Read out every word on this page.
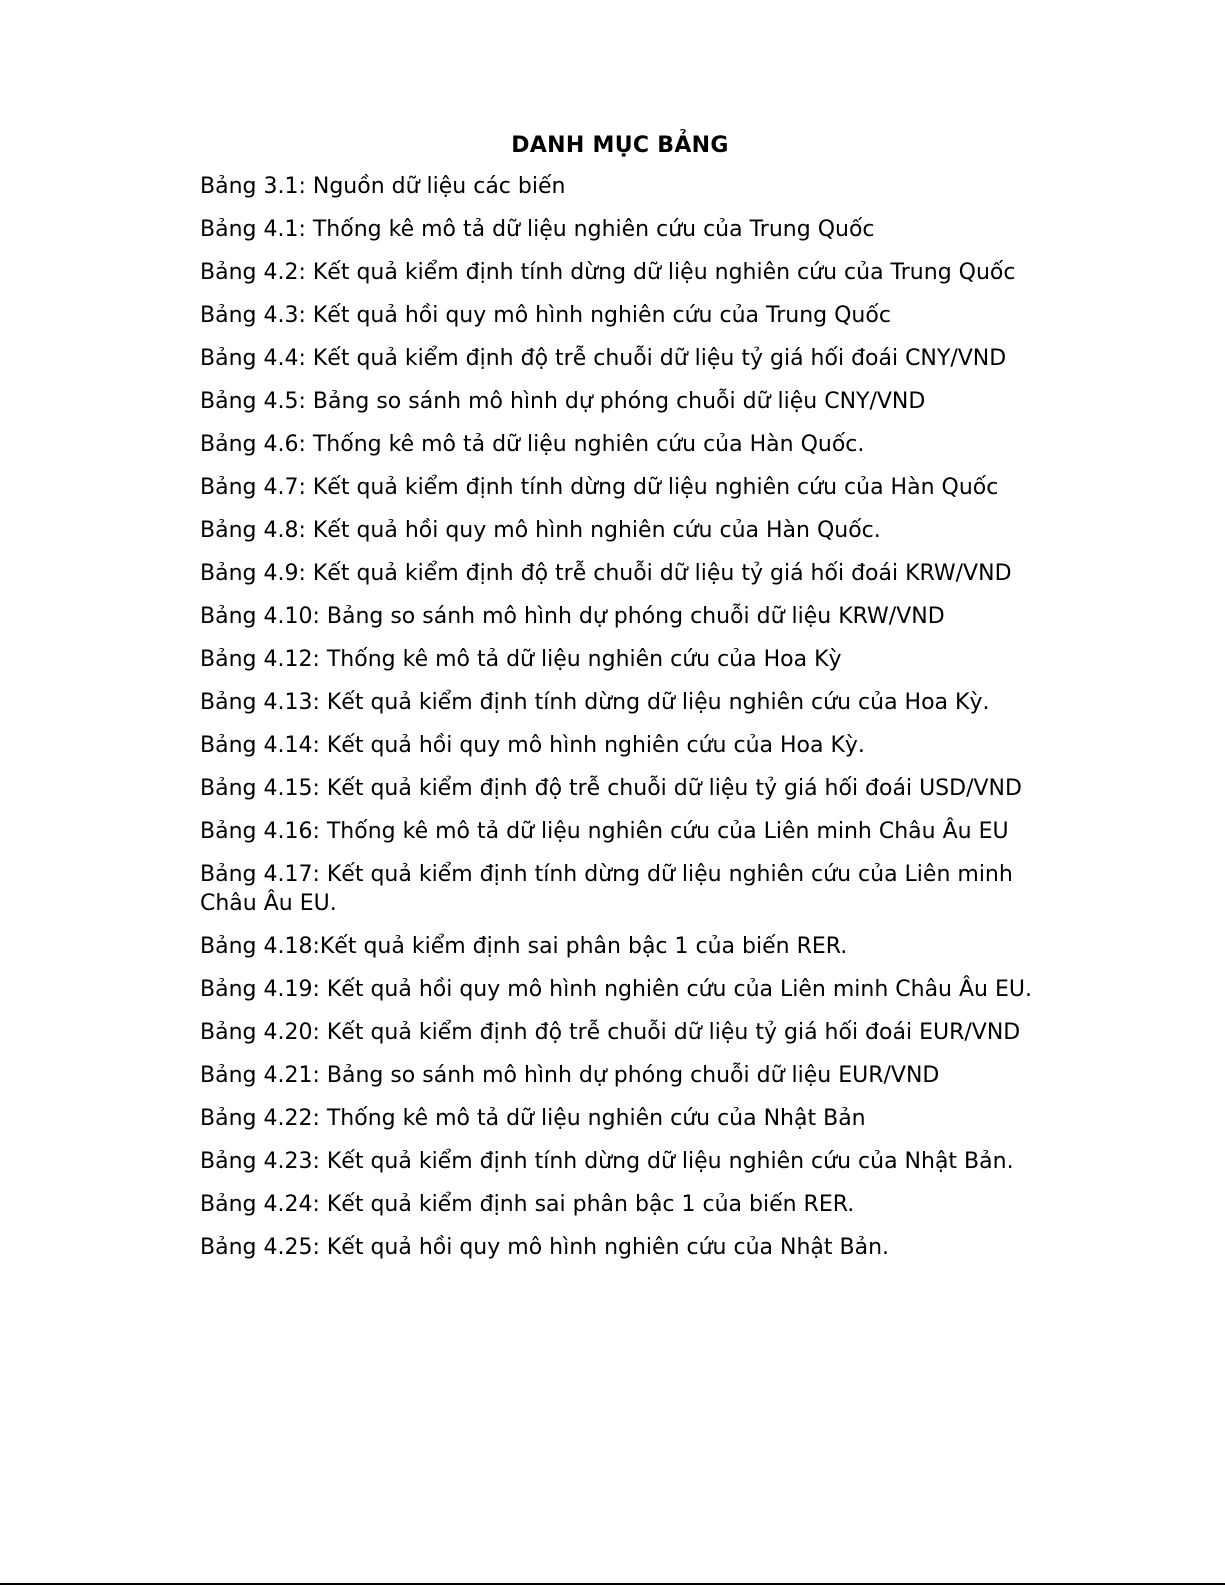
DANH MỤC BẢNG
Bảng 3.1: Nguồn dữ liệu các biến
Bảng 4.1: Thống kê mô tả dữ liệu nghiên cứu của Trung Quốc
Bảng 4.2: Kết quả kiểm định tính dừng dữ liệu nghiên cứu của Trung Quốc
Bảng 4.3: Kết quả hồi quy mô hình nghiên cứu của Trung Quốc
Bảng 4.4: Kết quả kiểm định độ trễ chuỗi dữ liệu tỷ giá hối đoái CNY/VND
Bảng 4.5: Bảng so sánh mô hình dự phóng chuỗi dữ liệu CNY/VND
Bảng 4.6: Thống kê mô tả dữ liệu nghiên cứu của Hàn Quốc.
Bảng 4.7: Kết quả kiểm định tính dừng dữ liệu nghiên cứu của Hàn Quốc
Bảng 4.8: Kết quả hồi quy mô hình nghiên cứu của Hàn Quốc.
Bảng 4.9: Kết quả kiểm định độ trễ chuỗi dữ liệu tỷ giá hối đoái KRW/VND
Bảng 4.10: Bảng so sánh mô hình dự phóng chuỗi dữ liệu KRW/VND
Bảng 4.12: Thống kê mô tả dữ liệu nghiên cứu của Hoa Kỳ
Bảng 4.13: Kết quả kiểm định tính dừng dữ liệu nghiên cứu của Hoa Kỳ.
Bảng 4.14: Kết quả hồi quy mô hình nghiên cứu của Hoa Kỳ.
Bảng 4.15: Kết quả kiểm định độ trễ chuỗi dữ liệu tỷ giá hối đoái USD/VND
Bảng 4.16: Thống kê mô tả dữ liệu nghiên cứu của Liên minh Châu Âu EU
Bảng 4.17: Kết quả kiểm định tính dừng dữ liệu nghiên cứu của Liên minh Châu Âu EU.
Bảng 4.18:Kết quả kiểm định sai phân bậc 1 của biến RER.
Bảng 4.19: Kết quả hồi quy mô hình nghiên cứu của Liên minh Châu Âu EU.
Bảng 4.20: Kết quả kiểm định độ trễ chuỗi dữ liệu tỷ giá hối đoái EUR/VND
Bảng 4.21: Bảng so sánh mô hình dự phóng chuỗi dữ liệu EUR/VND
Bảng 4.22: Thống kê mô tả dữ liệu nghiên cứu của Nhật Bản
Bảng 4.23: Kết quả kiểm định tính dừng dữ liệu nghiên cứu của Nhật Bản.
Bảng 4.24: Kết quả kiểm định sai phân bậc 1 của biến RER.
Bảng 4.25: Kết quả hồi quy mô hình nghiên cứu của Nhật Bản.
